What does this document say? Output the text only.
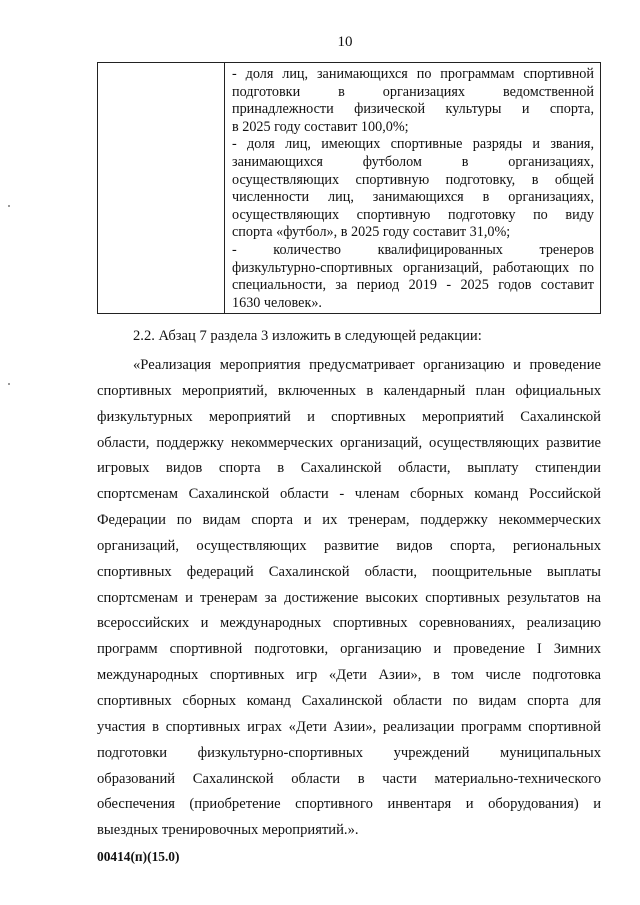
10
- доля лиц, занимающихся по программам спортивной
подготовки в организациях ведомственной
принадлежности физической культуры и спорта,
в 2025 году составит 100,0%;
- доля лиц, имеющих спортивные разряды и звания,
занимающихся футболом в организациях,
осуществляющих спортивную подготовку, в общей
численности лиц, занимающихся в организациях,
осуществляющих спортивную подготовку по виду
спорта «футбол», в 2025 году составит 31,0%;
- количество квалифицированных тренеров
физкультурно-спортивных организаций, работающих по
специальности, за период 2019 - 2025 годов составит
1630 человек».
2.2. Абзац 7 раздела 3 изложить в следующей редакции:
«Реализация мероприятия предусматривает организацию и проведение
спортивных мероприятий, включенных в календарный план официальных
физкультурных мероприятий и спортивных мероприятий Сахалинской
области, поддержку некоммерческих организаций, осуществляющих развитие
игровых видов спорта в Сахалинской области, выплату стипендии
спортсменам Сахалинской области - членам сборных команд Российской
Федерации по видам спорта и их тренерам, поддержку некоммерческих
организаций, осуществляющих развитие видов спорта, региональных
спортивных федераций Сахалинской области, поощрительные выплаты
спортсменам и тренерам за достижение высоких спортивных результатов на
всероссийских и международных спортивных соревнованиях, реализацию
программ спортивной подготовки, организацию и проведение I Зимних
международных спортивных игр «Дети Азии», в том числе подготовка
спортивных сборных команд Сахалинской области по видам спорта для
участия в спортивных играх «Дети Азии», реализации программ спортивной
подготовки физкультурно-спортивных учреждений муниципальных
образований Сахалинской области в части материально-технического
обеспечения (приобретение спортивного инвентаря и оборудования) и
выездных тренировочных мероприятий.».
00414(п)(15.0)
